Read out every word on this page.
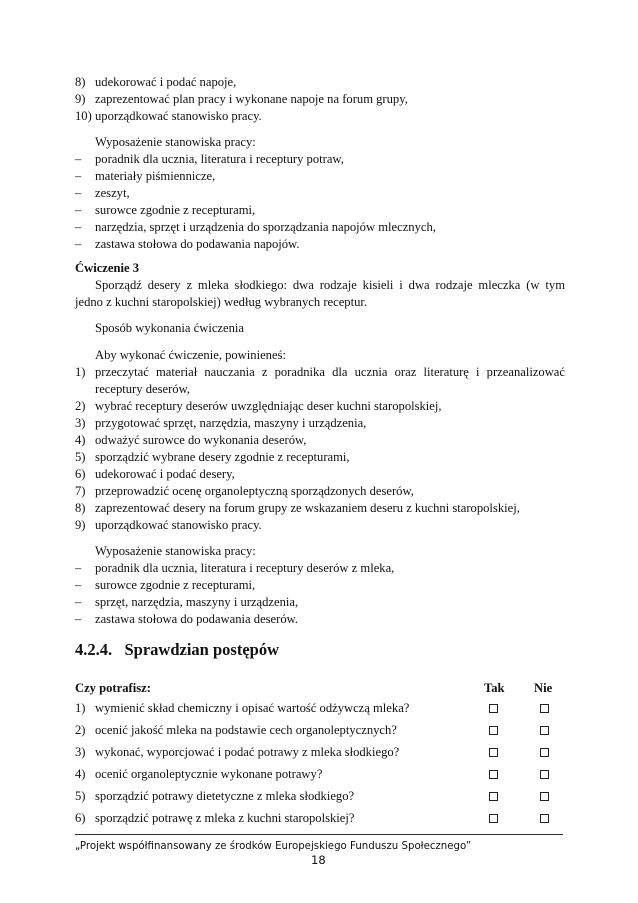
8) udekorować i podać napoje,
9) zaprezentować plan pracy i wykonane napoje na forum grupy,
10) uporządkować stanowisko pracy.
Wyposażenie stanowiska pracy:
– poradnik dla ucznia, literatura i receptury potraw,
– materiały piśmiennicze,
– zeszyt,
– surowce zgodnie z recepturami,
– narzędzia, sprzęt i urządzenia do sporządzania napojów mlecznych,
– zastawa stołowa do podawania napojów.
Ćwiczenie 3
Sporządź desery z mleka słodkiego: dwa rodzaje kisieli i dwa rodzaje mleczka (w tym
jedno z kuchni staropolskiej) według wybranych receptur.
Sposób wykonania ćwiczenia
Aby wykonać ćwiczenie, powinieneś:
1) przeczytać materiał nauczania z poradnika dla ucznia oraz literaturę i przeanalizować
receptury deserów,
2) wybrać receptury deserów uwzględniając deser kuchni staropolskiej,
3) przygotować sprzęt, narzędzia, maszyny i urządzenia,
4) odważyć surowce do wykonania deserów,
5) sporządzić wybrane desery zgodnie z recepturami,
6) udekorować i podać desery,
7) przeprowadzić ocenę organoleptyczną sporządzonych deserów,
8) zaprezentować desery na forum grupy ze wskazaniem deseru z kuchni staropolskiej,
9) uporządkować stanowisko pracy.
Wyposażenie stanowiska pracy:
– poradnik dla ucznia, literatura i receptury deserów z mleka,
– surowce zgodnie z recepturami,
– sprzęt, narzędzia, maszyny i urządzenia,
– zastawa stołowa do podawania deserów.
4.2.4. Sprawdzian postępów
Czy potrafisz:	Tak Nie
1) wymienić skład chemiczny i opisać wartość odżywczą mleka?
2) ocenić jakość mleka na podstawie cech organoleptycznych?
3) wykonać, wyporcjować i podać potrawy z mleka słodkiego?
4) ocenić organoleptycznie wykonane potrawy?
5) sporządzić potrawy dietetyczne z mleka słodkiego?
„Projekt współfinansowany ze środków Europejskiego Funduszu Społecznego”
18
6) sporządzić potrawę z mleka z kuchni staropolskiej?
